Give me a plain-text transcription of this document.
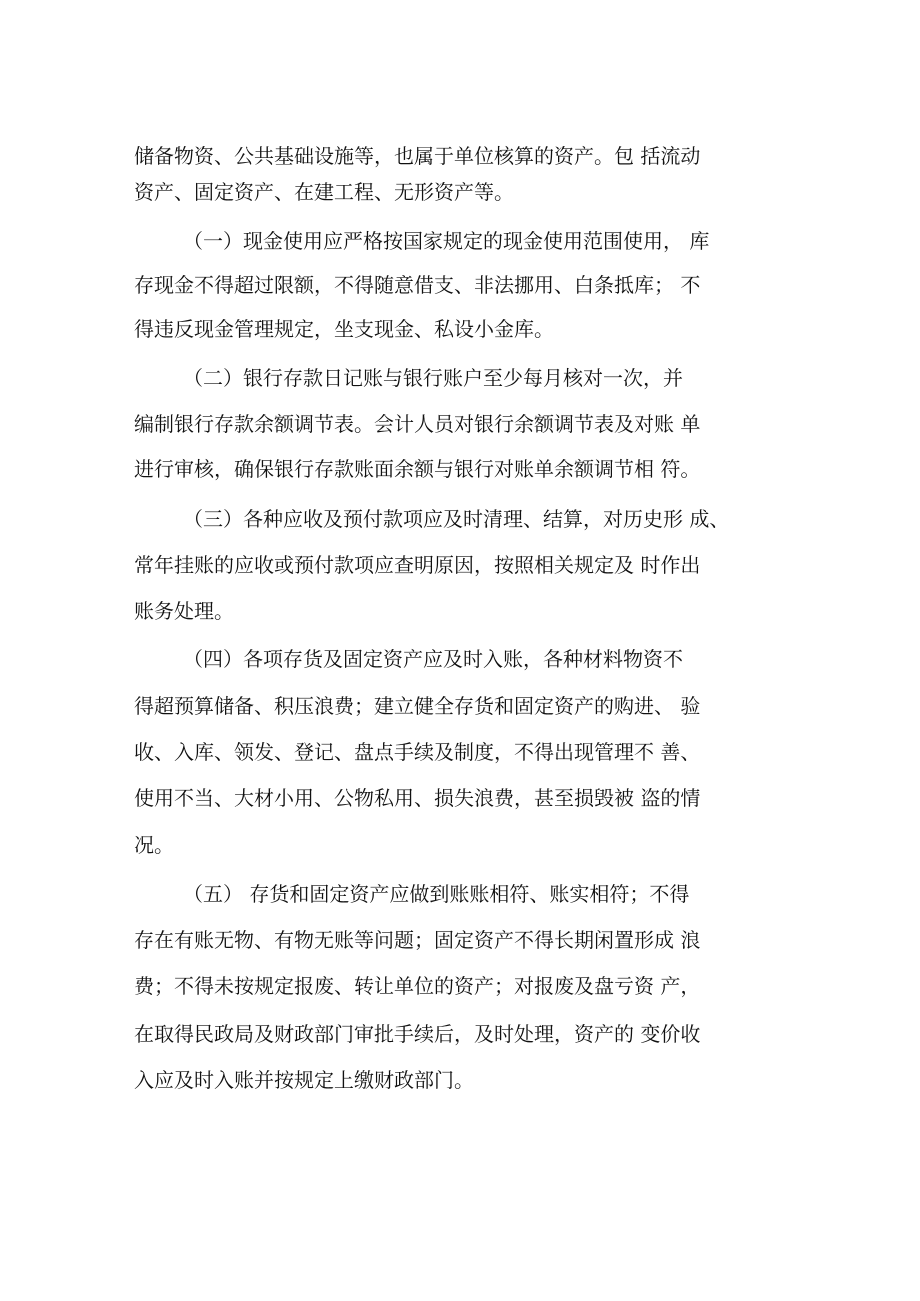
储备物资、公共基础设施等，也属于单位核算的资产。包 括流动
资产、固定资产、在建工程、无形资产等。
（一）现金使用应严格按国家规定的现金使用范围使用， 库
存现金不得超过限额，不得随意借支、非法挪用、白条抵库； 不
得违反现金管理规定，坐支现金、私设小金库。
（二）银行存款日记账与银行账户至少每月核对一次，并
编制银行存款余额调节表。会计人员对银行余额调节表及对账 单
进行审核，确保银行存款账面余额与银行对账单余额调节相 符。
（三）各种应收及预付款项应及时清理、结算，对历史形 成、
常年挂账的应收或预付款项应查明原因，按照相关规定及 时作出
账务处理。
（四）各项存货及固定资产应及时入账，各种材料物资不
得超预算储备、积压浪费；建立健全存货和固定资产的购进、 验
收、入库、领发、登记、盘点手续及制度，不得出现管理不 善、
使用不当、大材小用、公物私用、损失浪费，甚至损毁被 盗的情
况。
（五） 存货和固定资产应做到账账相符、账实相符；不得
存在有账无物、有物无账等问题；固定资产不得长期闲置形成 浪
费；不得未按规定报废、转让单位的资产；对报废及盘亏资 产，
在取得民政局及财政部门审批手续后，及时处理，资产的 变价收
入应及时入账并按规定上缴财政部门。
